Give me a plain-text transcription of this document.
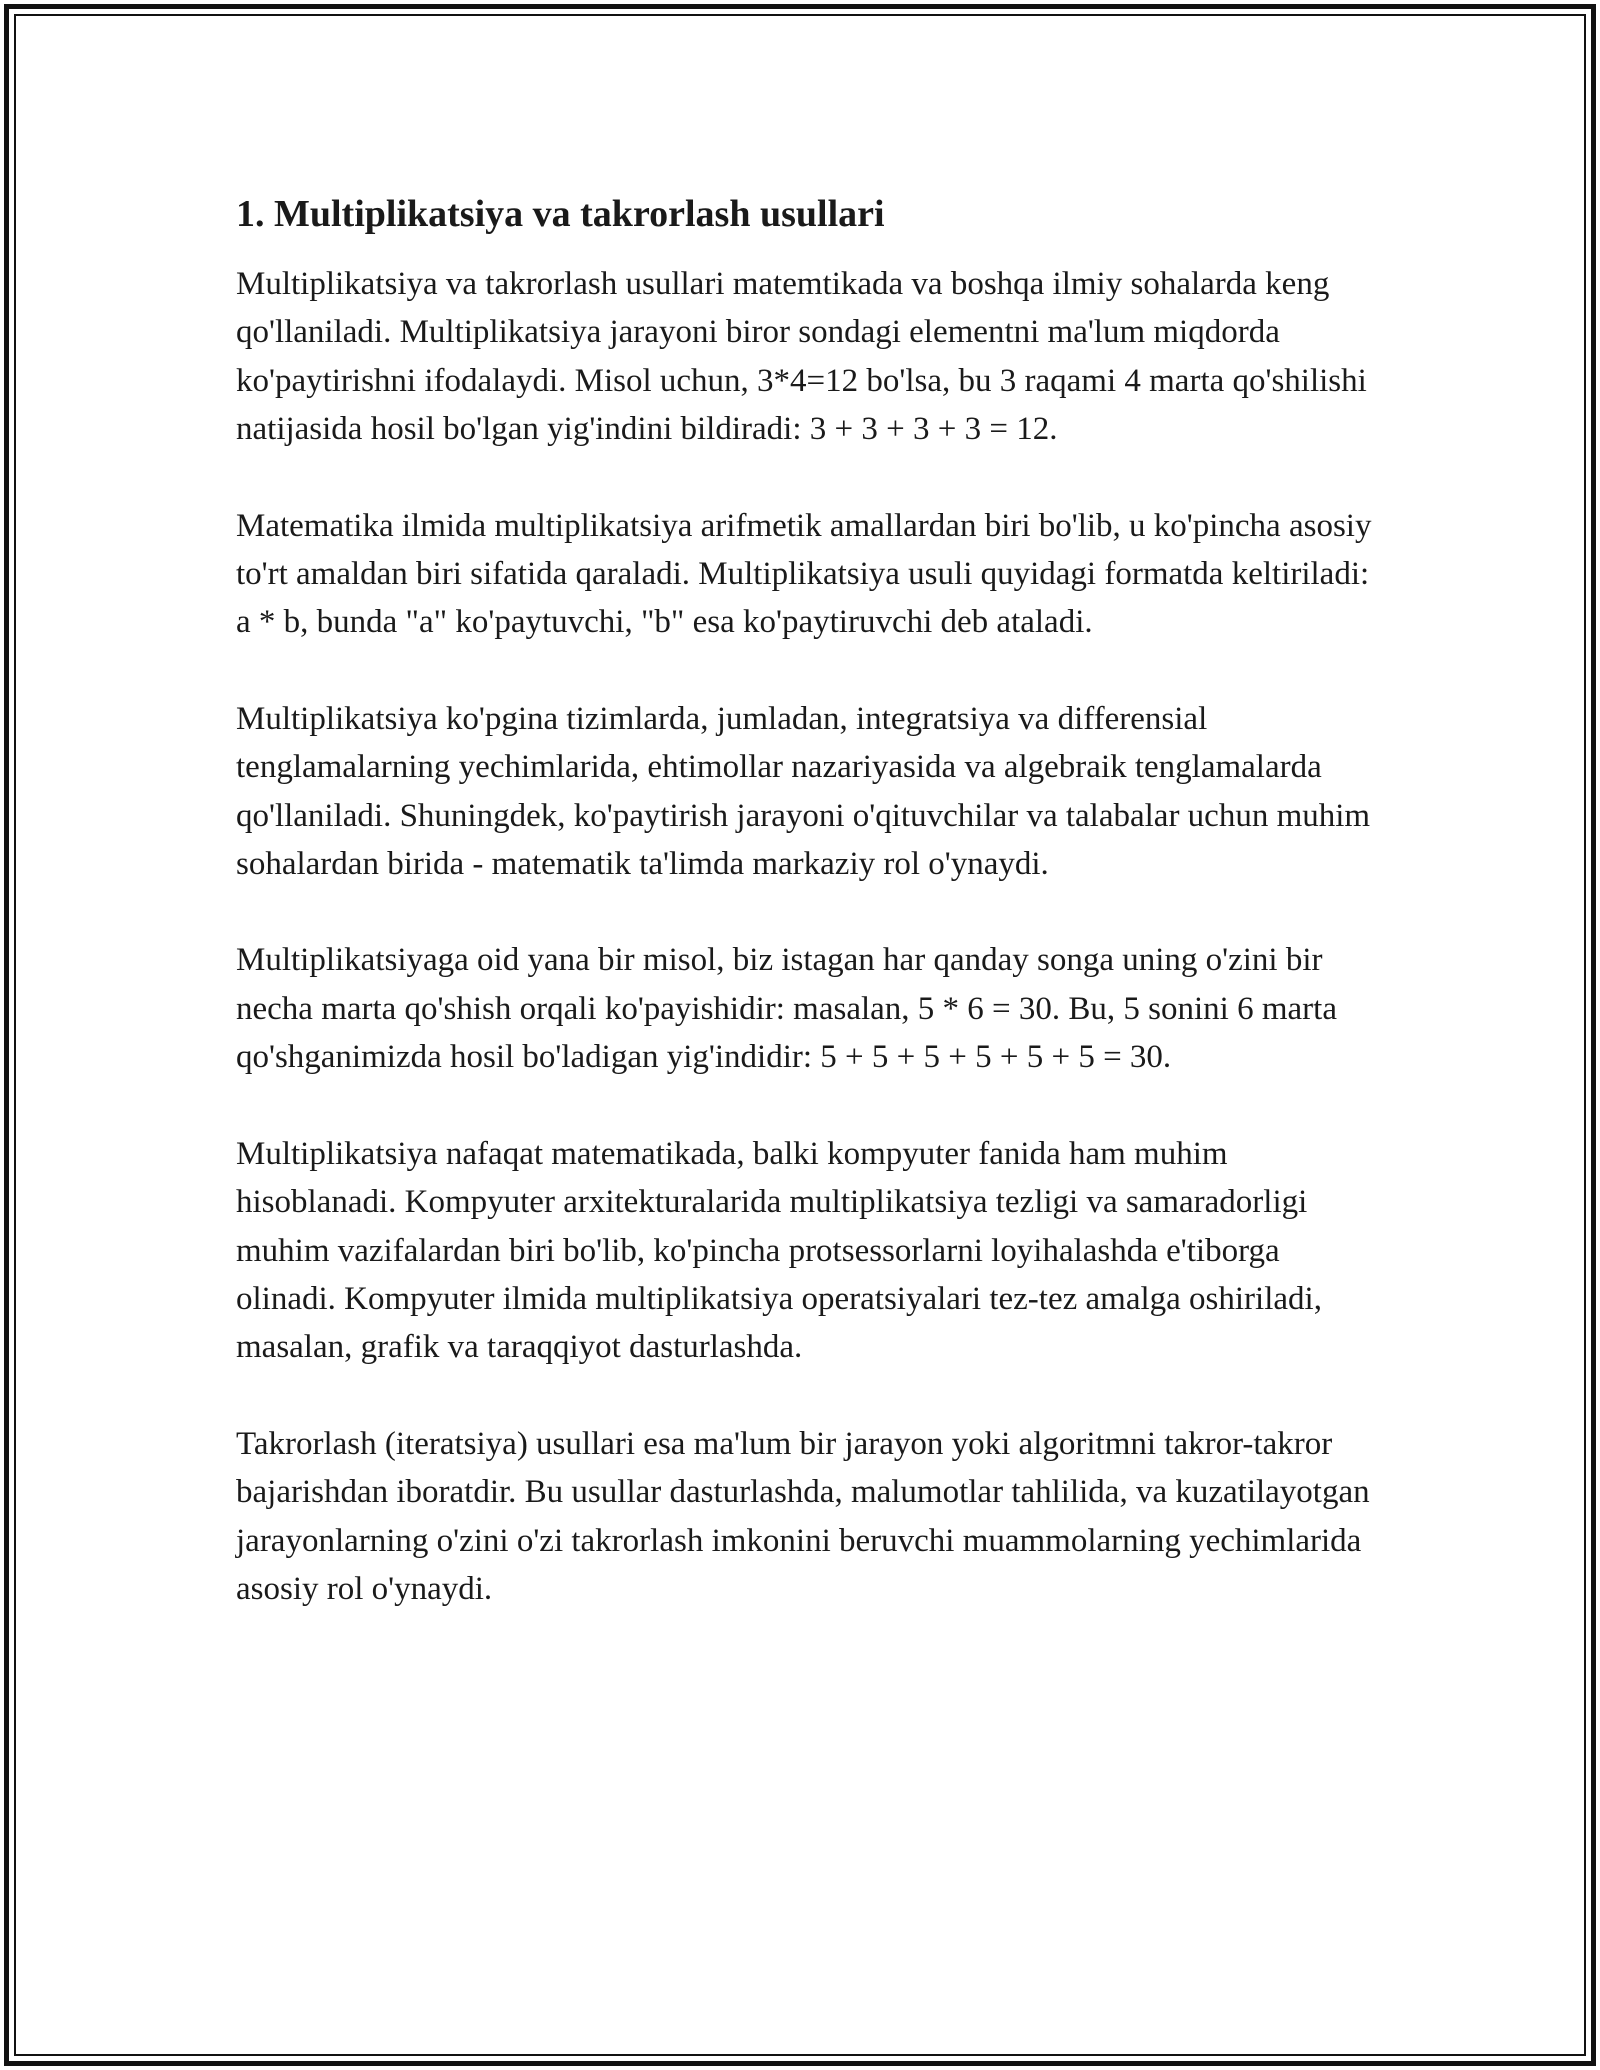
1. Multiplikatsiya va takrorlash usullari

Multiplikatsiya va takrorlash usullari matemtikada va boshqa ilmiy sohalarda keng qo'llaniladi. Multiplikatsiya jarayoni biror sondagi elementni ma'lum miqdorda ko'paytirishni ifodalaydi. Misol uchun, 3*4=12 bo'lsa, bu 3 raqami 4 marta qo'shilishi natijasida hosil bo'lgan yig'indini bildiradi: 3 + 3 + 3 + 3 = 12.

Matematika ilmida multiplikatsiya arifmetik amallardan biri bo'lib, u ko'pincha asosiy to'rt amaldan biri sifatida qaraladi. Multiplikatsiya usuli quyidagi formatda keltiriladi: a * b, bunda "a" ko'paytuvchi, "b" esa ko'paytiruvchi deb ataladi.

Multiplikatsiya ko'pgina tizimlarda, jumladan, integratsiya va differensial tenglamalarning yechimlarida, ehtimollar nazariyasida va algebraik tenglamalarda qo'llaniladi. Shuningdek, ko'paytirish jarayoni o'qituvchilar va talabalar uchun muhim sohalardan birida - matematik ta'limda markaziy rol o'ynaydi.

Multiplikatsiyaga oid yana bir misol, biz istagan har qanday songa uning o'zini bir necha marta qo'shish orqali ko'payishidir: masalan, 5 * 6 = 30. Bu, 5 sonini 6 marta qo'shganimizda hosil bo'ladigan yig'indidir: 5 + 5 + 5 + 5 + 5 + 5 = 30.

Multiplikatsiya nafaqat matematikada, balki kompyuter fanida ham muhim hisoblanadi. Kompyuter arxitekturalarida multiplikatsiya tezligi va samaradorligi muhim vazifalardan biri bo'lib, ko'pincha protsessorlarni loyihalashda e'tiborga olinadi. Kompyuter ilmida multiplikatsiya operatsiyalari tez-tez amalga oshiriladi, masalan, grafik va taraqqiyot dasturlashda.

Takrorlash (iteratsiya) usullari esa ma'lum bir jarayon yoki algoritmni takror-takror bajarishdan iboratdir. Bu usullar dasturlashda, malumotlar tahlilida, va kuzatilayotgan jarayonlarning o'zini o'zi takrorlash imkonini beruvchi muammolarning yechimlarida asosiy rol o'ynaydi.
